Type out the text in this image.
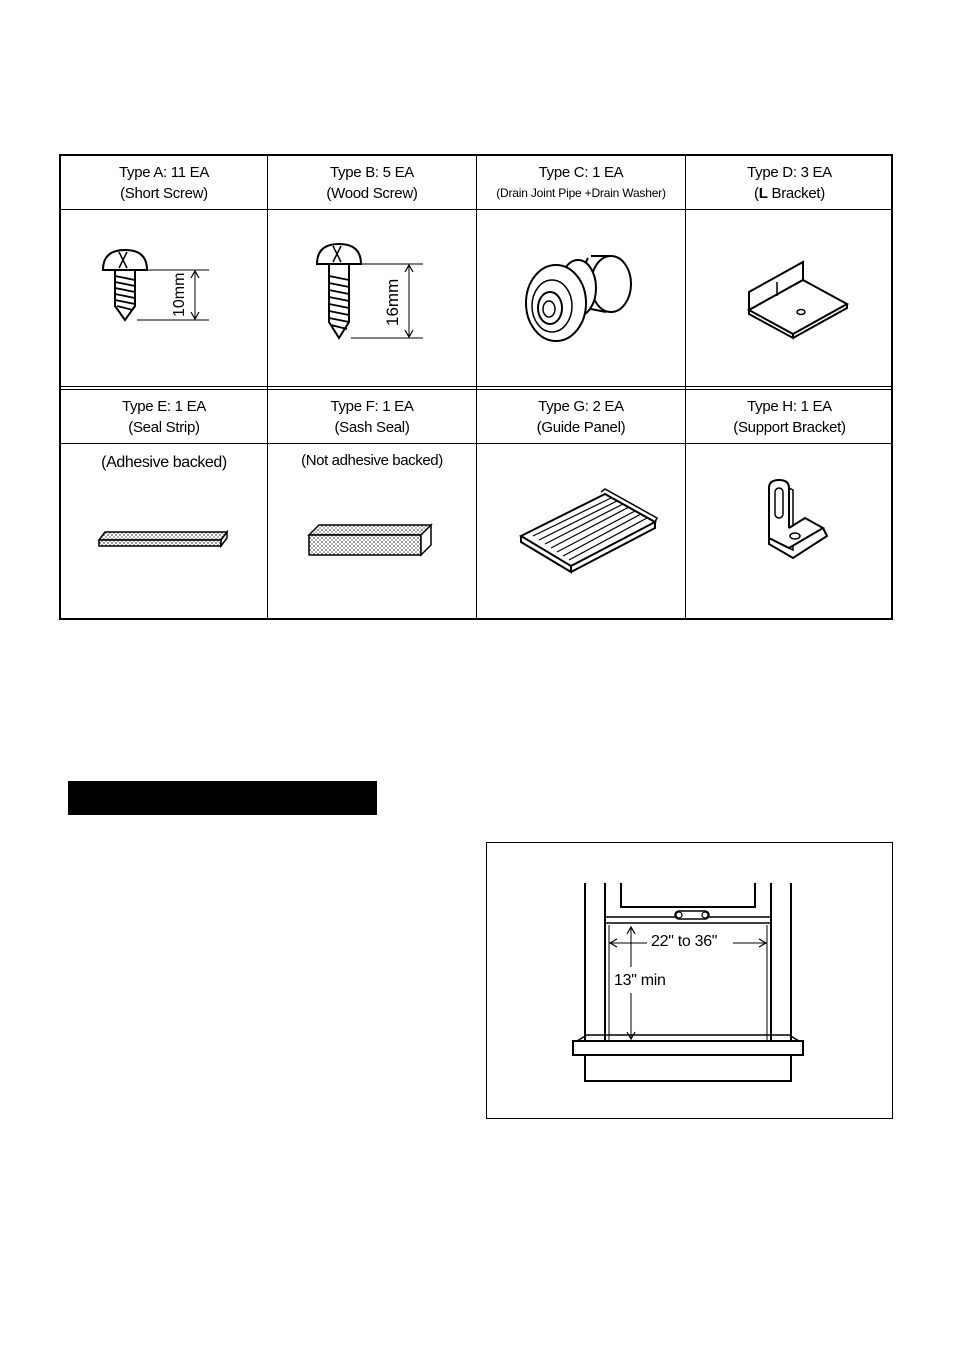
Type A: 11 EA
(Short Screw)
Type B: 5 EA
(Wood Screw)
Type C: 1 EA
(Drain Joint Pipe +Drain Washer)
Type D: 3 EA
(L Bracket)
Type E: 1 EA
(Seal Strip)
Type F: 1 EA
(Sash Seal)
Type G: 2 EA
(Guide Panel)
Type H: 1 EA
(Support Bracket)
10mm	16mm
(Adhesive backed)	(Not adhesive backed)
22" to 36"
13" min
